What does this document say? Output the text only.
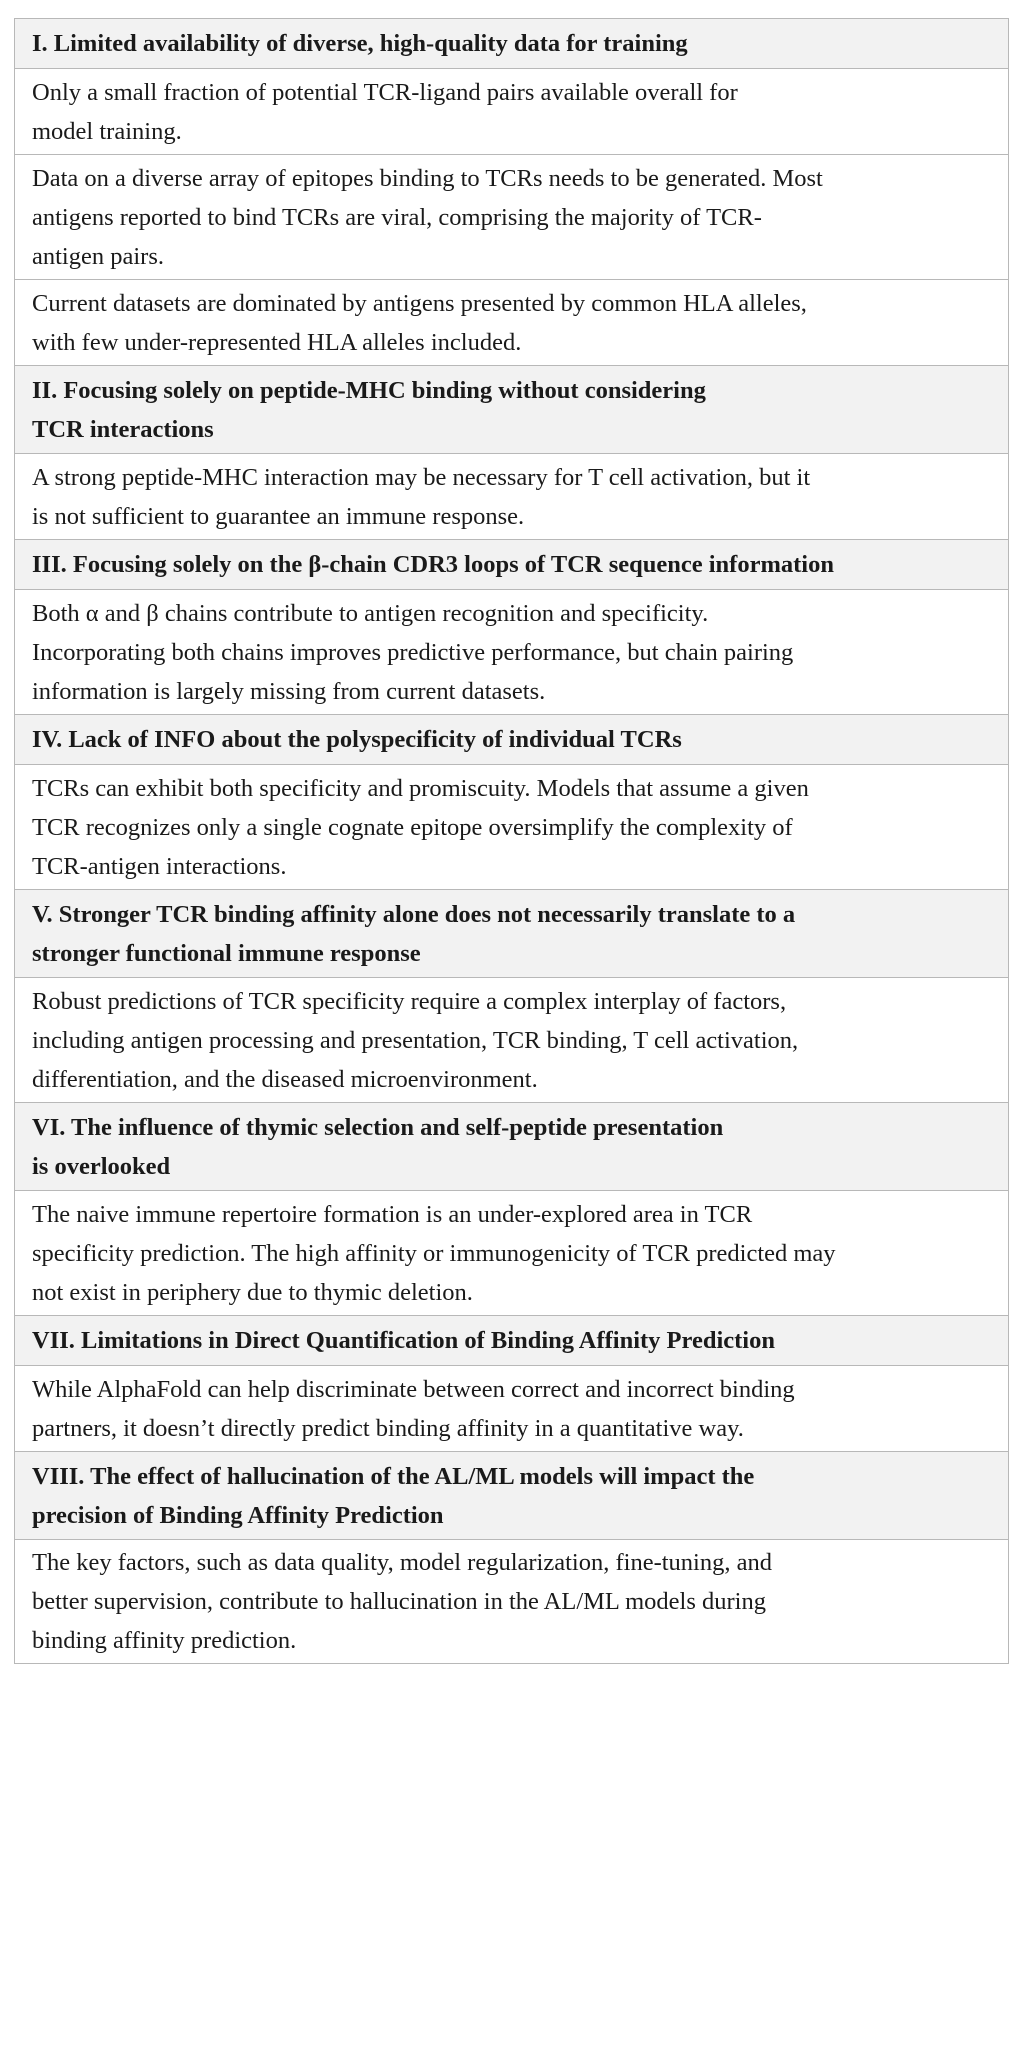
I. Limited availability of diverse, high-quality data for training
Only a small fraction of potential TCR-ligand pairs available overall for
model training.
Data on a diverse array of epitopes binding to TCRs needs to be generated. Most
antigens reported to bind TCRs are viral, comprising the majority of TCR-
antigen pairs.
Current datasets are dominated by antigens presented by common HLA alleles,
with few under-represented HLA alleles included.
II. Focusing solely on peptide-MHC binding without considering
TCR interactions
A strong peptide-MHC interaction may be necessary for T cell activation, but it
is not sufficient to guarantee an immune response.
III. Focusing solely on the β-chain CDR3 loops of TCR sequence information
Both α and β chains contribute to antigen recognition and specificity.
Incorporating both chains improves predictive performance, but chain pairing
information is largely missing from current datasets.
IV. Lack of INFO about the polyspecificity of individual TCRs
TCRs can exhibit both specificity and promiscuity. Models that assume a given
TCR recognizes only a single cognate epitope oversimplify the complexity of
TCR-antigen interactions.
V. Stronger TCR binding affinity alone does not necessarily translate to a
stronger functional immune response
Robust predictions of TCR specificity require a complex interplay of factors,
including antigen processing and presentation, TCR binding, T cell activation,
differentiation, and the diseased microenvironment.
VI. The influence of thymic selection and self-peptide presentation
is overlooked
The naive immune repertoire formation is an under-explored area in TCR
specificity prediction. The high affinity or immunogenicity of TCR predicted may
not exist in periphery due to thymic deletion.
VII. Limitations in Direct Quantification of Binding Affinity Prediction
While AlphaFold can help discriminate between correct and incorrect binding
partners, it doesn’t directly predict binding affinity in a quantitative way.
VIII. The effect of hallucination of the AL/ML models will impact the
precision of Binding Affinity Prediction
The key factors, such as data quality, model regularization, fine-tuning, and
better supervision, contribute to hallucination in the AL/ML models during
binding affinity prediction.
